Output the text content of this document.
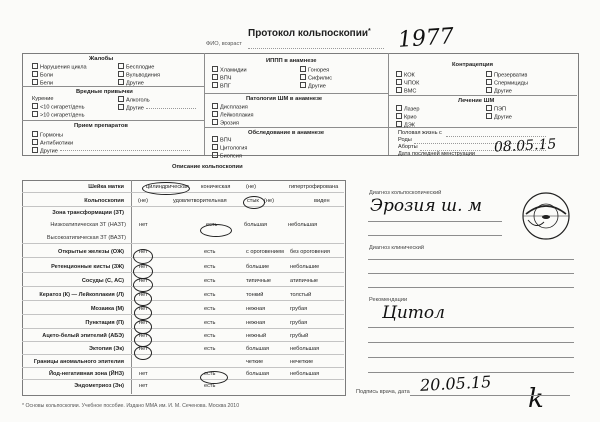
Протокол кольпоскопии*
ФИО, возраст	1977
Жалобы
Нарушения цикла
Боли
Бели
Бесплодие
Вульводиния
Другие
Вредные привычки
Курение
<10 сигарет/день
>10 сигарет/день
Алкоголь
Другие
Прием препаратов
Гормоны
Антибиотики
Другие
ИППП в анамнезе
Хламидии
ВПЧ
ВПГ
Гонорея
Сифилис
Другие
Патология ШМ в анамнезе
Дисплазия
Лейкоплакия
Эрозия
Обследование в анамнезе
ВПЧ
Цитология
Биопсия
Контрацепция
КОК
ЧПОК
ВМС
Презерватив
Спермициды
Другие
Лечение ШМ
Лазер
Крио
ДЭК
ПЭП
Другие
Половая жизнь с
Роды
Аборты
Дата последней менструации 08.05.15
Описание кольпоскопии
Шейка матки	цилиндрическая коническая	(не)	гипертрофирована
Кольпоскопия	(не)	удовлетворительная	стык (не)	виден
Зона трансформации (ЗТ)
Низкоатипическая ЗТ (НАЗТ) нет	есть	большая	небольшая
Высокоатипическая ЗТ (ВАЗТ)
Открытые железы (ОЖ)	нет	есть	с ороговением без ороговения
Ретенционные кисты (ЗЖ)	нет	есть	большие	небольшие
Сосуды (С, АС)	нет	есть	типичные	атипичные
Кератоз (К) — Лейкоплакия (Л)	нет	есть	тонкий	толстый
Мозаика (М)	нет	есть	нежная	грубая
Пунктация (П)	нет	есть	нежная	грубая
Ацето-белый эпителий (АБЭ)	нет	есть	нежный	грубый
Эктопия (Эк)	нет	есть	большая	небольшая
Границы аномального эпителия	четкие	нечеткие
Йод-негативная зона (ЙНЗ)	нет	есть	большая	небольшая
Эндометриоз (Эн)	нет	есть
Диагноз кольпоскопический
Эрозия ш. м
Диагноз клинический
Рекомендации
Цитол
Подпись врача, дата 20.05.15
k
* Основы кольпоскопии. Учебное пособие. Издано ММА им. И. М. Сеченова. Москва 2010
